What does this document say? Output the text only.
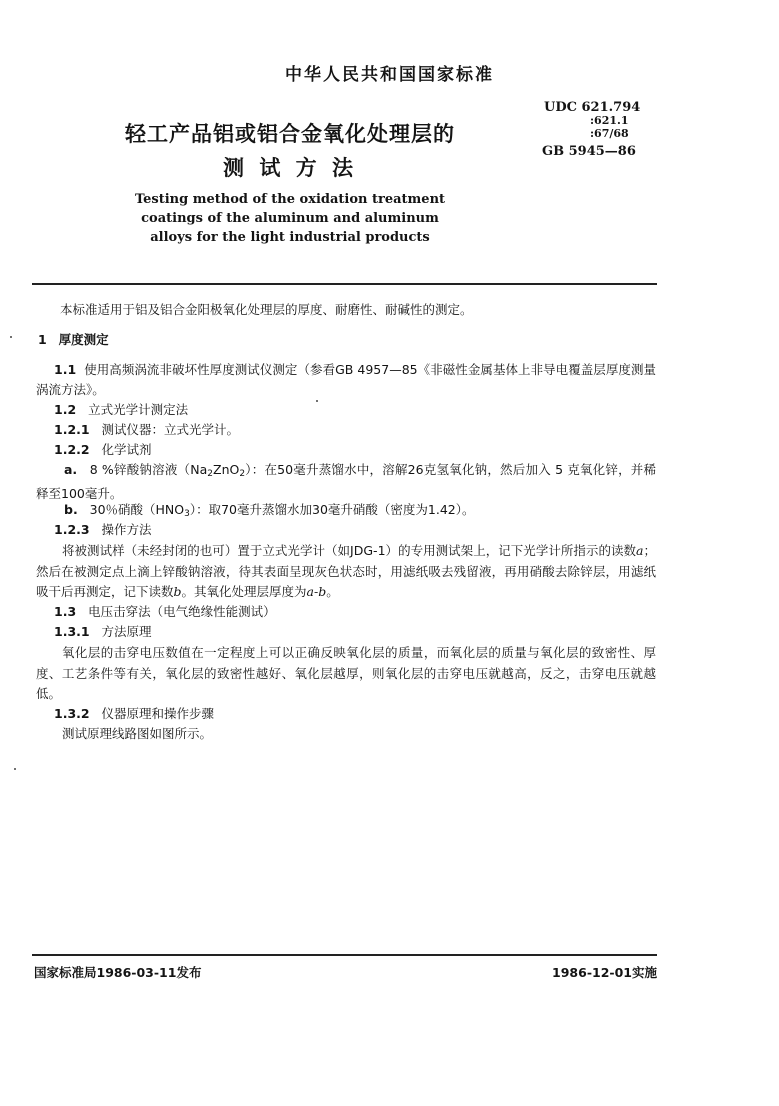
中华人民共和国国家标准
轻工产品铝或铝合金氧化处理层的
测 试 方 法
UDC 621.794
:621.1
:67/68
GB 5945—86
Testing method of the oxidation treatment
coatings of the aluminum and aluminum
alloys for the light industrial products
本标准适用于铝及铝合金阳极氧化处理层的厚度、耐磨性、耐碱性的测定。
1 厚度测定
1.1 使用高频涡流非破坏性厚度测试仪测定（参看GB 4957—85《非磁性金属基体上非导电覆盖层厚度测量　涡流方法》。
1.2 立式光学计测定法
1.2.1 测试仪器：立式光学计。
1.2.2 化学试剂
a. 8 %锌酸钠溶液$(Na_2ZnO_2)$：在50毫升蒸馏水中，溶解26克氢氧化钠，然后加入 5 克氧化锌，并稀释至100毫升。
b. 30％硝酸$(HNO_3)$：取70毫升蒸馏水加30毫升硝酸（密度为1.42）。
1.2.3 操作方法
将被测试样（未经封闭的也可）置于立式光学计（如JDG-1）的专用测试架上，记下光学计所指示的读数a；然后在被测定点上滴上锌酸钠溶液，待其表面呈现灰色状态时，用滤纸吸去残留液，再用硝酸去除锌层，用滤纸吸干后再测定，记下读数b。其氧化处理层厚度为a-b。
1.3 电压击穿法（电气绝缘性能测试）
1.3.1 方法原理
氧化层的击穿电压数值在一定程度上可以正确反映氧化层的质量，而氧化层的质量与氧化层的致密性、厚度、工艺条件等有关，氧化层的致密性越好、氧化层越厚，则氧化层的击穿电压就越高，反之，击穿电压就越低。
1.3.2 仪器原理和操作步骤
测试原理线路图如图所示。
国家标准局1986-03-11发布	1986-12-01实施
